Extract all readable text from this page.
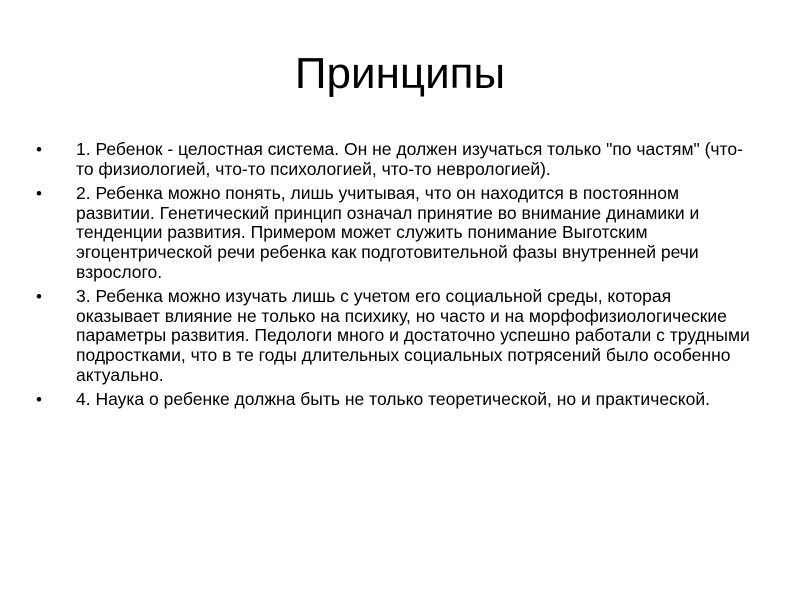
Принципы
•	1. Ребенок - целостная система. Он не должен изучаться только "по частям" (что-то физиологией, что-то психологией, что-то неврологией).
•	2. Ребенка можно понять, лишь учитывая, что он находится в постоянном развитии. Генетический принцип означал принятие во внимание динамики и тенденции развития. Примером может служить понимание Выготским эгоцентрической речи ребенка как подготовительной фазы внутренней речи взрослого.
•	3. Ребенка можно изучать лишь с учетом его социальной среды, которая оказывает влияние не только на психику, но часто и на морфофизиологические параметры развития. Педологи много и достаточно успешно работали с трудными подростками, что в те годы длительных социальных потрясений было особенно актуально.
•	4. Наука о ребенке должна быть не только теоретической, но и практической.
